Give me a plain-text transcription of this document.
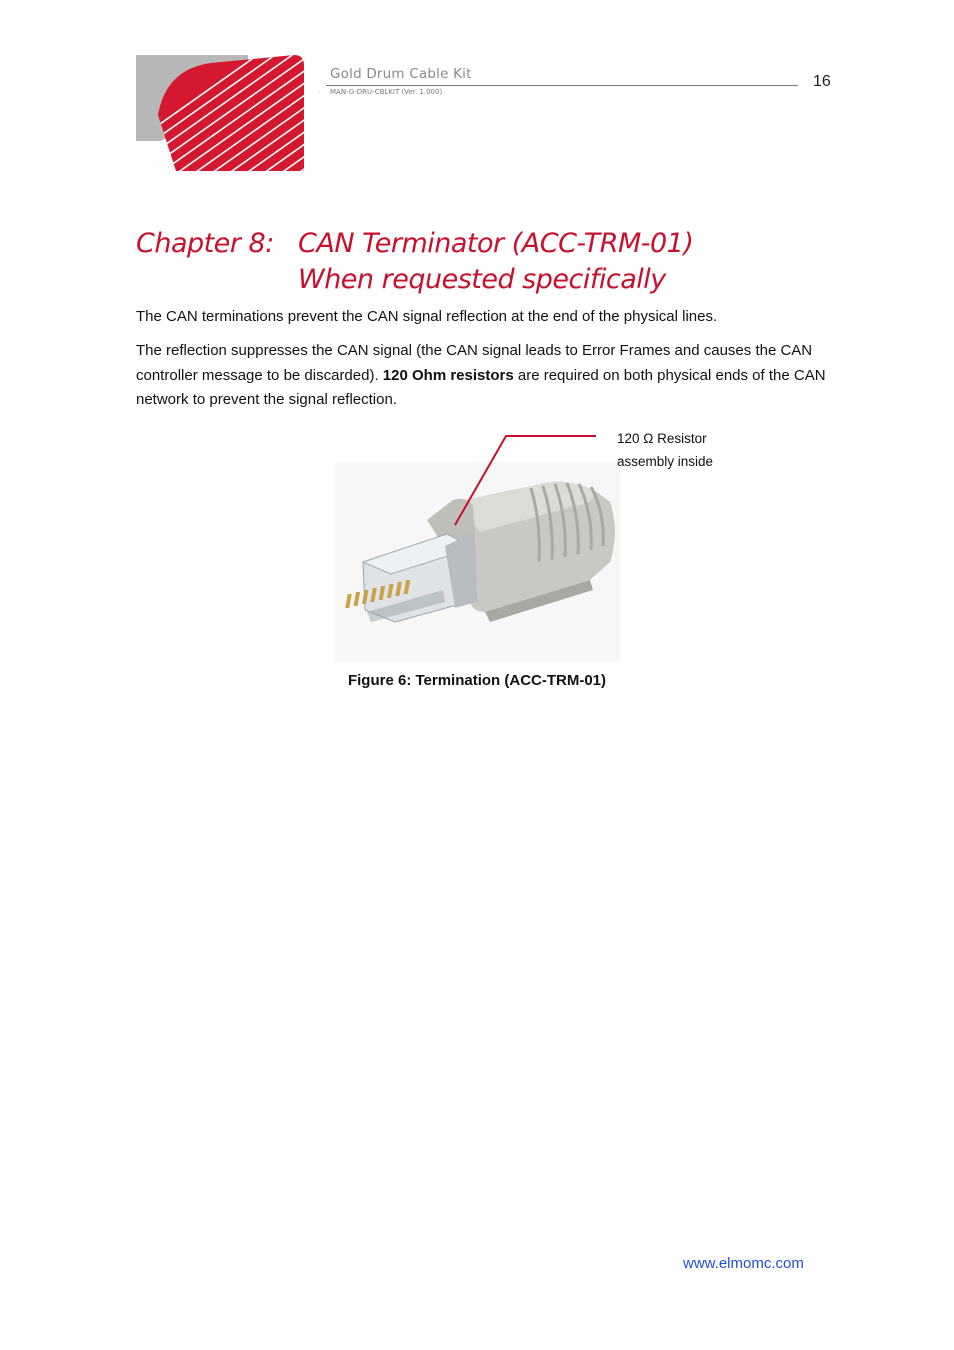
Gold Drum Cable Kit
· MAN-G-DRU-CBLKIT (Ver. 1.000)
16
Chapter 8: CAN Terminator (ACC-TRM-01)
When requested specifically
The CAN terminations prevent the CAN signal reflection at the end of the physical lines.
The reflection suppresses the CAN signal (the CAN signal leads to Error Frames and causes the CAN controller message to be discarded). 120 Ohm resistors are required on both physical ends of the CAN network to prevent the signal reflection.
120 Ω Resistor
assembly inside
Figure 6: Termination (ACC-TRM-01)
www.elmomc.com
